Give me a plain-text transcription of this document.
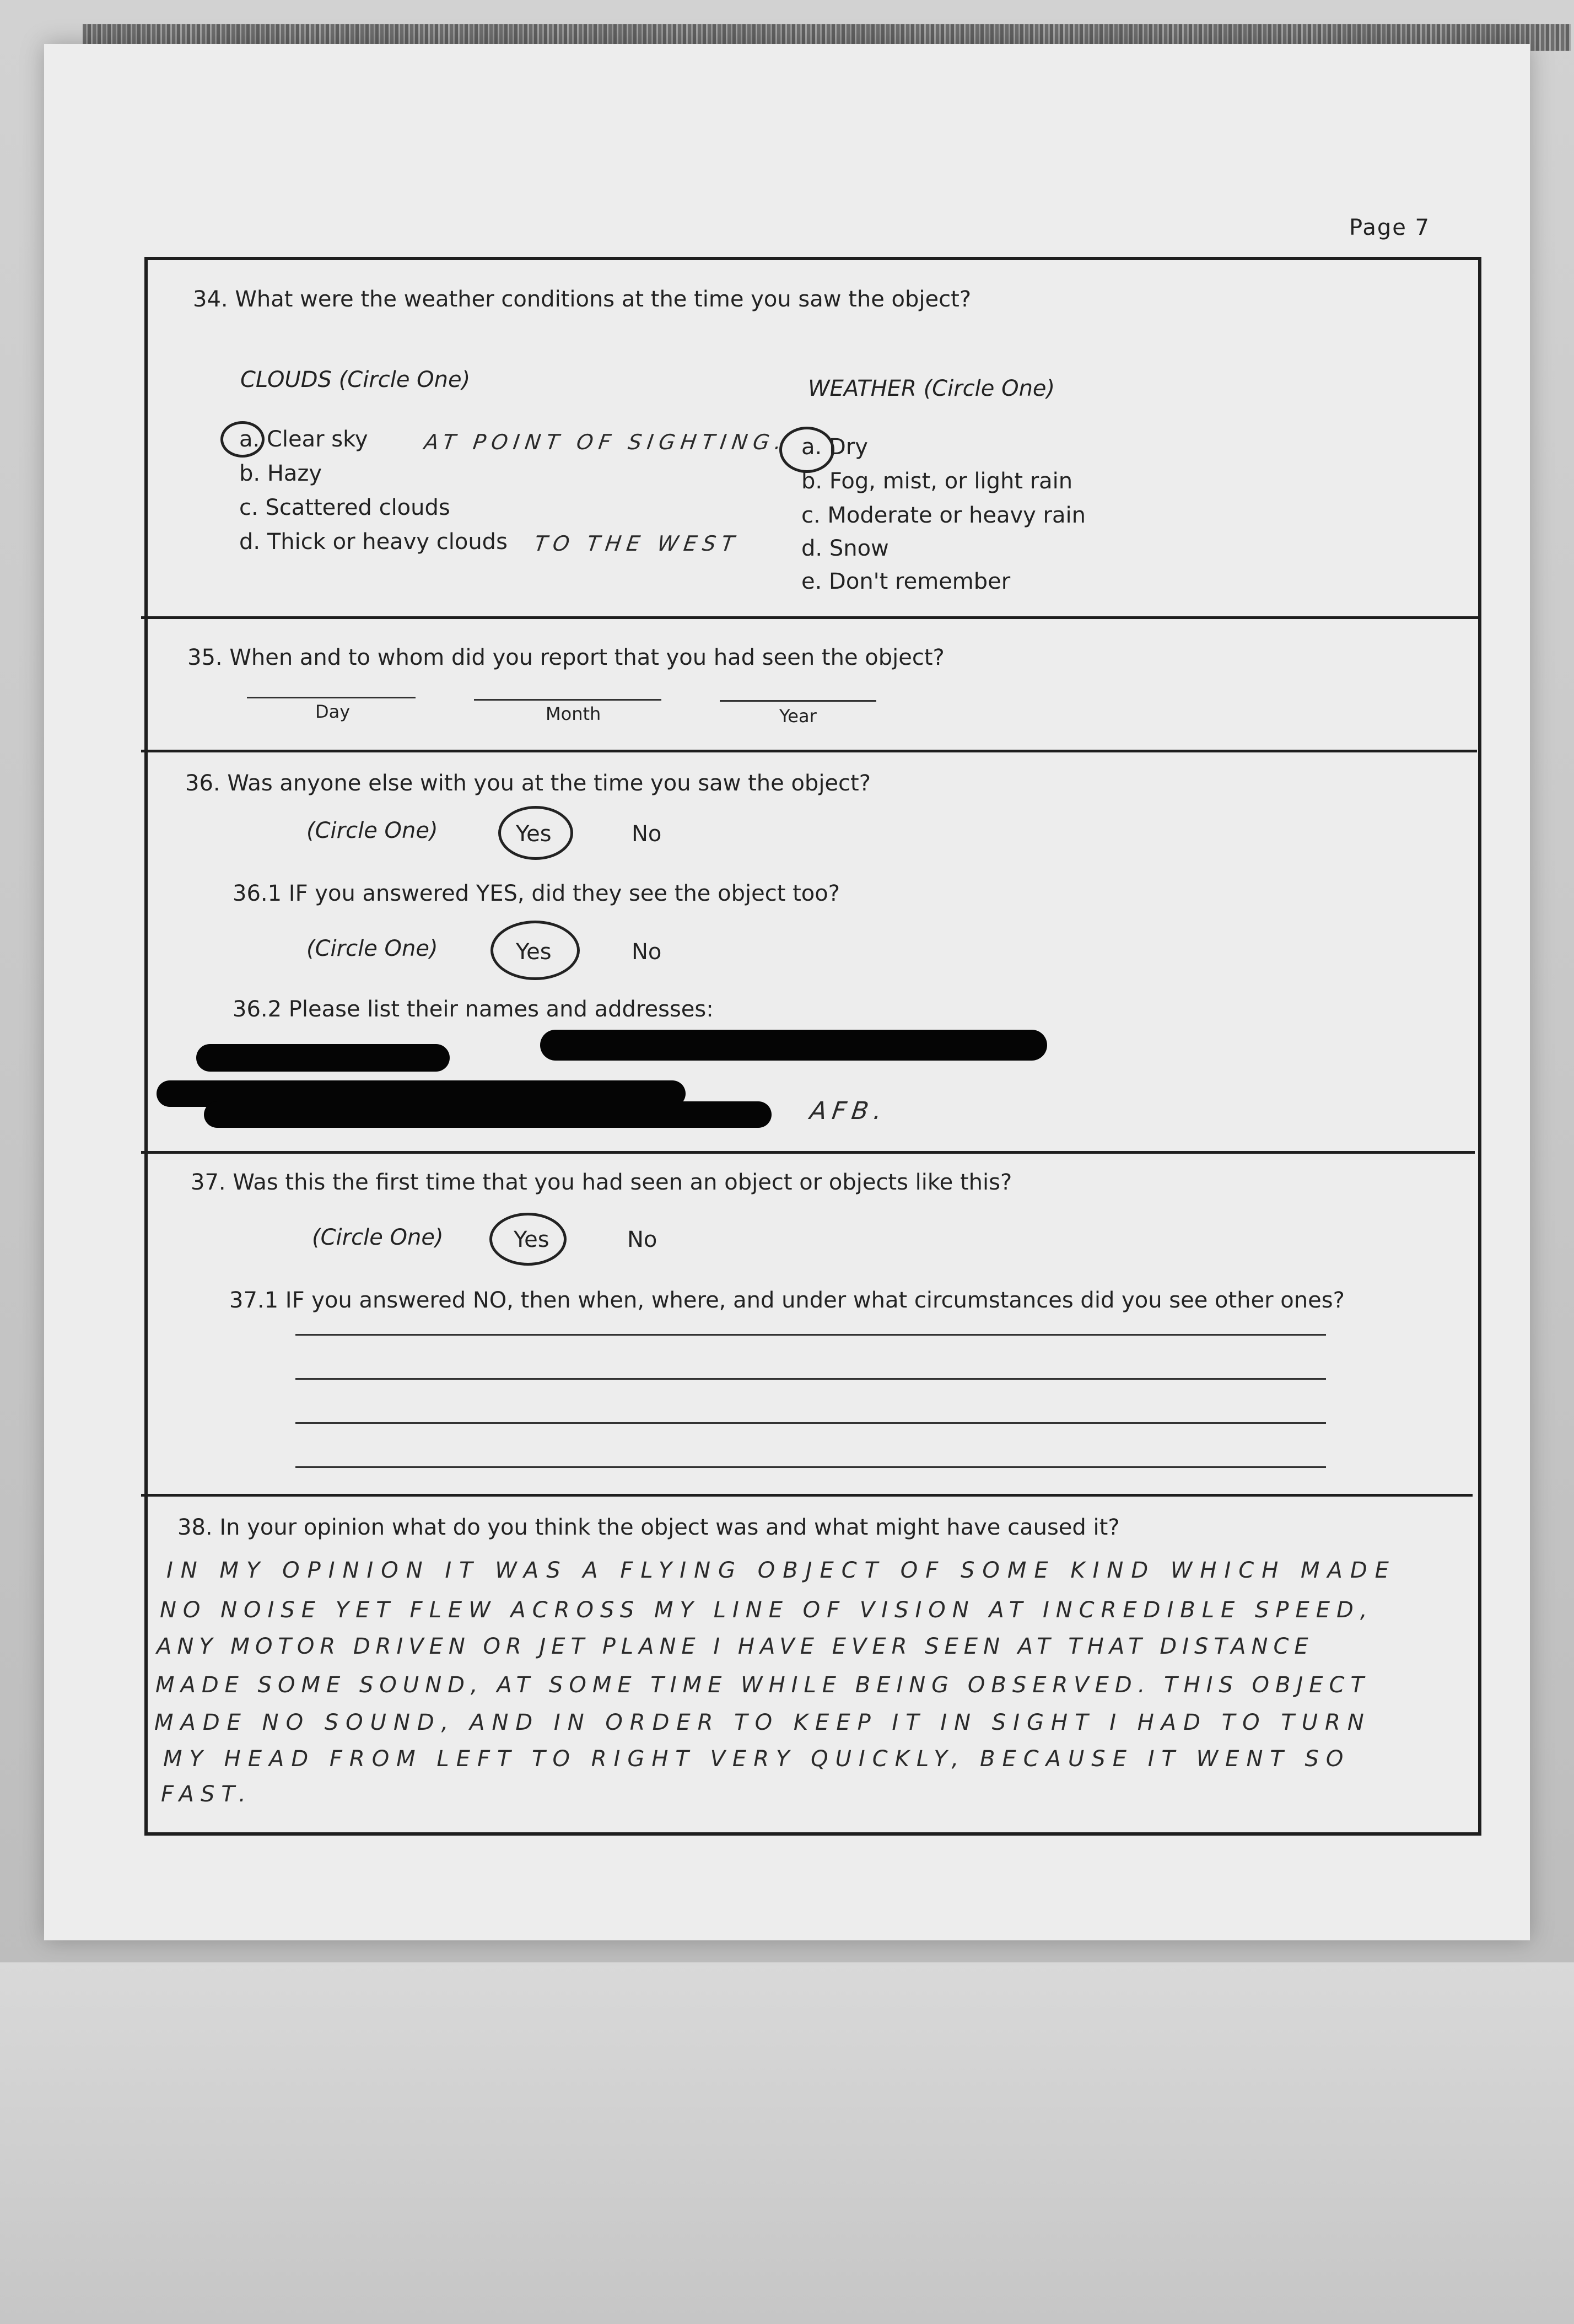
Page 7
34. What were the weather conditions at the time you saw the object?
CLOUDS (Circle One)	WEATHER (Circle One)
a. Clear sky
b. Hazy
c. Scattered clouds
d. Thick or heavy clouds
AT POINT OF SIGHTING.
TO THE WEST
a. Dry
b. Fog, mist, or light rain
c. Moderate or heavy rain
d. Snow
e. Don't remember
35. When and to whom did you report that you had seen the object?
Day	Month	Year
36. Was anyone else with you at the time you saw the object?
(Circle One)	Yes	No
36.1 IF you answered YES, did they see the object too?
(Circle One)	Yes	No
36.2 Please list their names and addresses:
AFB.
37. Was this the first time that you had seen an object or objects like this?
(Circle One)	Yes	No
37.1 IF you answered NO, then when, where, and under what circumstances did you see other ones?
38. In your opinion what do you think the object was and what might have caused it?
IN MY OPINION IT WAS A FLYING OBJECT OF SOME KIND WHICH MADE
NO NOISE YET FLEW ACROSS MY LINE OF VISION AT INCREDIBLE SPEED,
ANY MOTOR DRIVEN OR JET PLANE I HAVE EVER SEEN AT THAT DISTANCE
MADE SOME SOUND, AT SOME TIME WHILE BEING OBSERVED. THIS OBJECT
MADE NO SOUND, AND IN ORDER TO KEEP IT IN SIGHT I HAD TO TURN
MY HEAD FROM LEFT TO RIGHT VERY QUICKLY, BECAUSE IT WENT SO
FAST.
